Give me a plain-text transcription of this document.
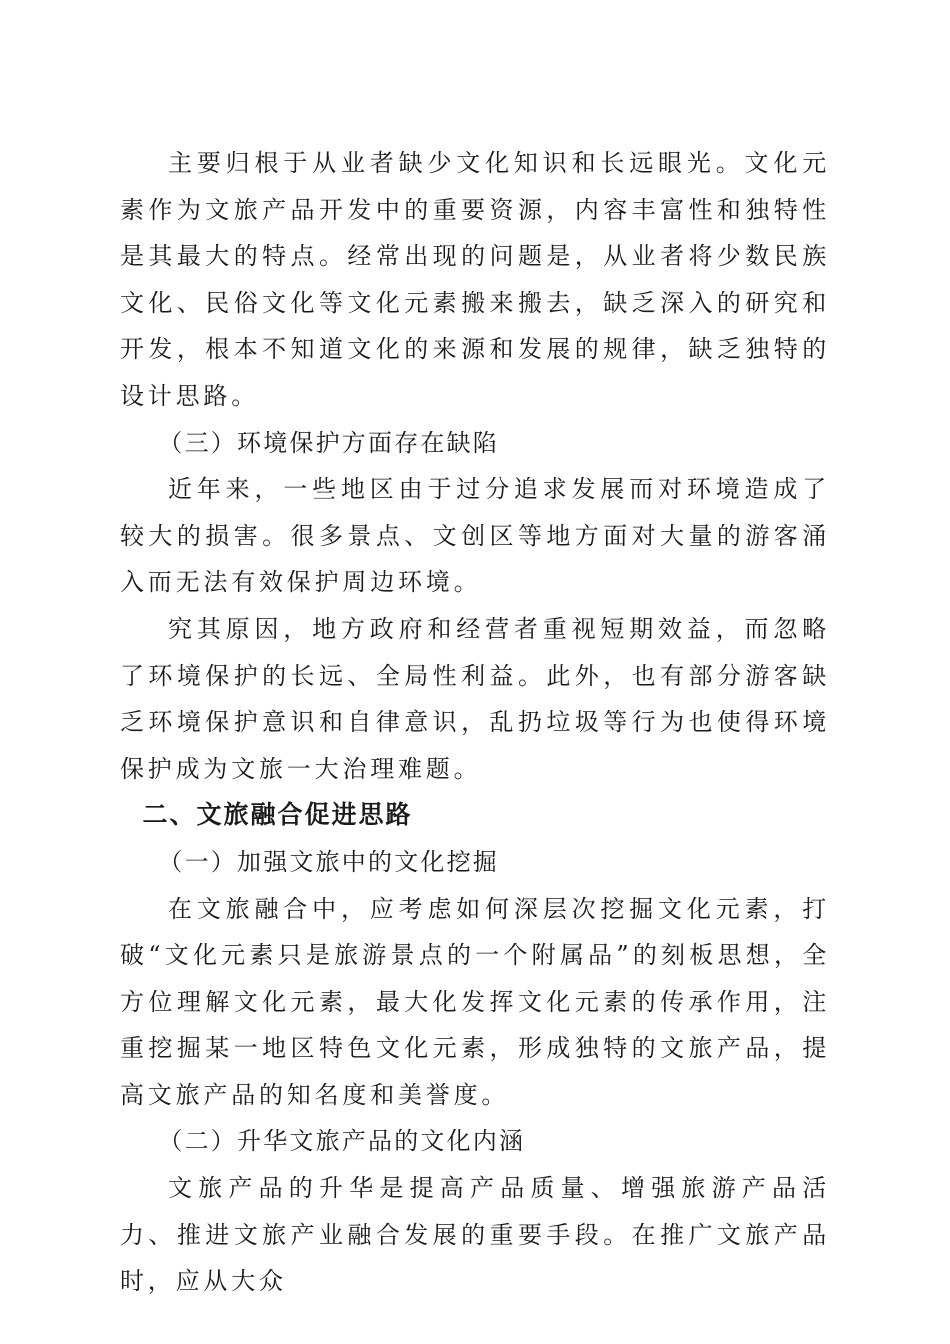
主要归根于从业者缺少文化知识和长远眼光。文化元素作为文旅产品开发中的重要资源，内容丰富性和独特性是其最大的特点。经常出现的问题是，从业者将少数民族文化、民俗文化等文化元素搬来搬去，缺乏深入的研究和开发，根本不知道文化的来源和发展的规律，缺乏独特的设计思路。

（三）环境保护方面存在缺陷

近年来，一些地区由于过分追求发展而对环境造成了较大的损害。很多景点、文创区等地方面对大量的游客涌入而无法有效保护周边环境。

究其原因，地方政府和经营者重视短期效益，而忽略了环境保护的长远、全局性利益。此外，也有部分游客缺乏环境保护意识和自律意识，乱扔垃圾等行为也使得环境保护成为文旅一大治理难题。

二、文旅融合促进思路
（一）加强文旅中的文化挖掘

在文旅融合中，应考虑如何深层次挖掘文化元素，打破“文化元素只是旅游景点的一个附属品”的刻板思想，全方位理解文化元素，最大化发挥文化元素的传承作用，注重挖掘某一地区特色文化元素，形成独特的文旅产品，提高文旅产品的知名度和美誉度。

（二）升华文旅产品的文化内涵

文旅产品的升华是提高产品质量、增强旅游产品活力、推进文旅产业融合发展的重要手段。在推广文旅产品时，应从大众
